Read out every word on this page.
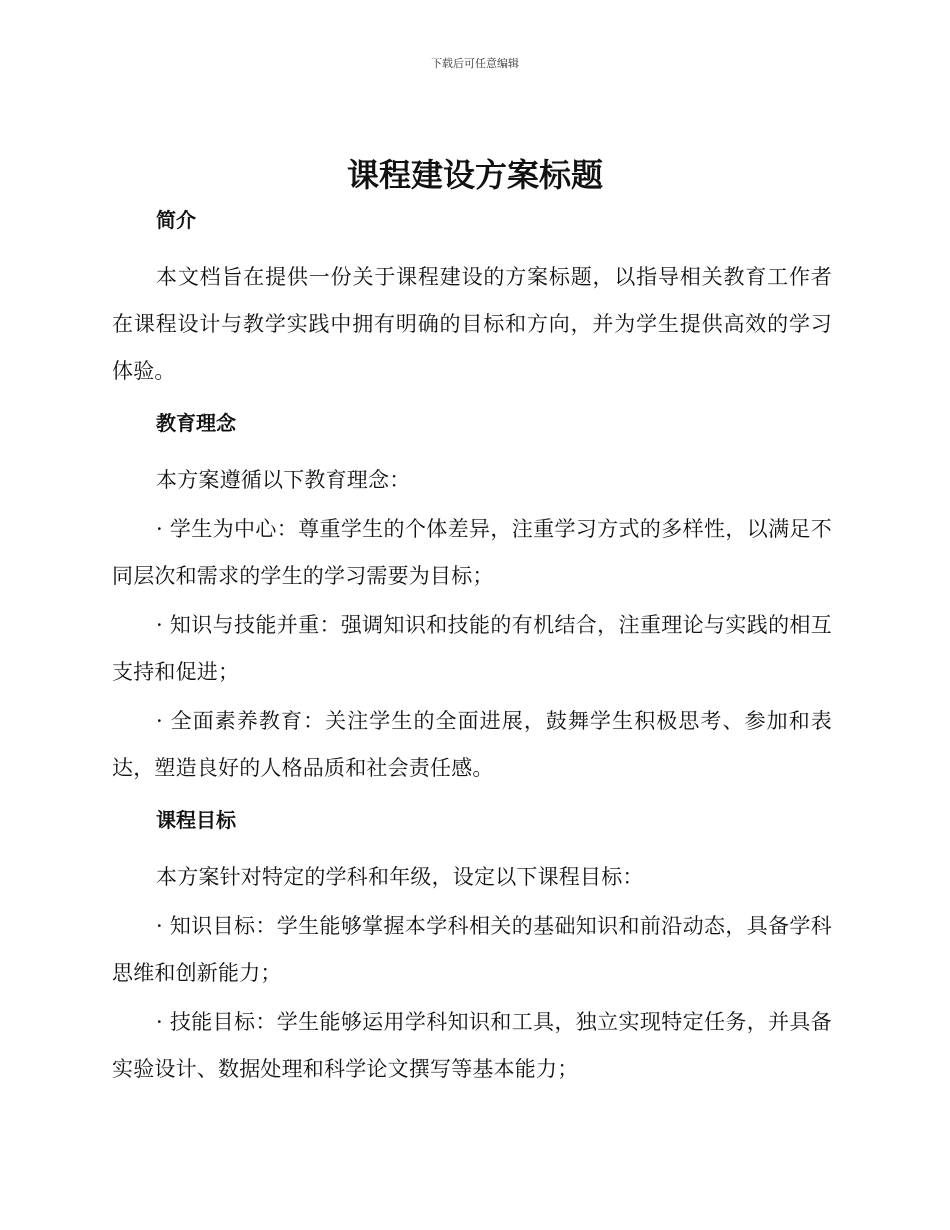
下载后可任意编辑
课程建设方案标题
简介

本文档旨在提供一份关于课程建设的方案标题，以指导相关教育工作者在课程设计与教学实践中拥有明确的目标和方向，并为学生提供高效的学习体验。

教育理念

本方案遵循以下教育理念：

· 学生为中心：尊重学生的个体差异，注重学习方式的多样性，以满足不同层次和需求的学生的学习需要为目标；

· 知识与技能并重：强调知识和技能的有机结合，注重理论与实践的相互支持和促进；

· 全面素养教育：关注学生的全面进展，鼓舞学生积极思考、参加和表达，塑造良好的人格品质和社会责任感。

课程目标

本方案针对特定的学科和年级，设定以下课程目标：

· 知识目标：学生能够掌握本学科相关的基础知识和前沿动态，具备学科思维和创新能力；

· 技能目标：学生能够运用学科知识和工具，独立实现特定任务，并具备实验设计、数据处理和科学论文撰写等基本能力；
